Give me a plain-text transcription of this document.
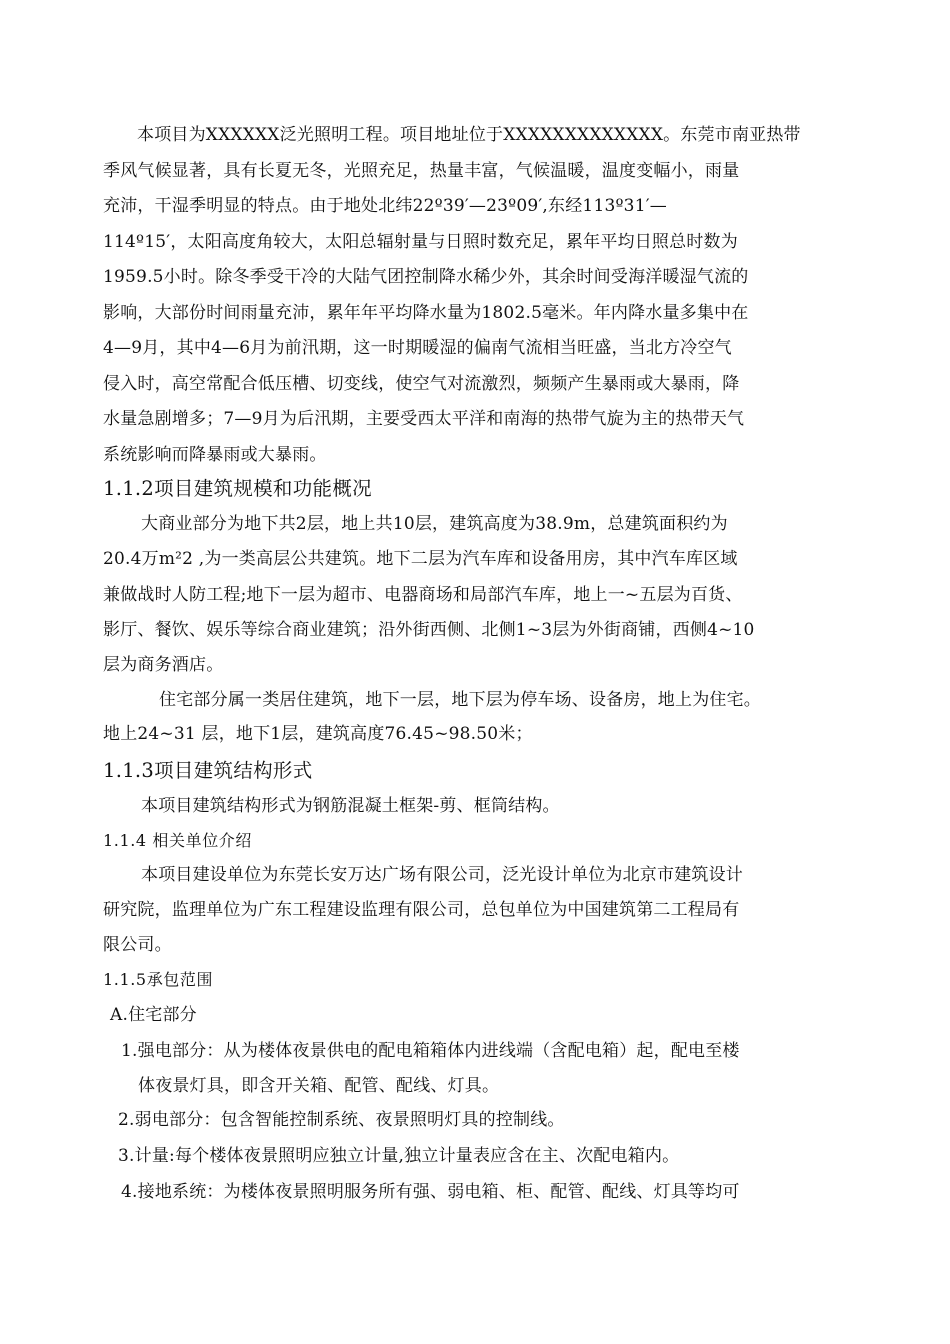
本项目为XXXXXX泛光照明工程。项目地址位于XXXXXXXXXXXXX。东莞市南亚热带
季风气候显著，具有长夏无冬，光照充足，热量丰富，气候温暖，温度变幅小，雨量
充沛，干湿季明显的特点。由于地处北纬22º39′—23º09′,东经113º31′—
114º15′，太阳高度角较大，太阳总辐射量与日照时数充足，累年平均日照总时数为
1959.5小时。除冬季受干冷的大陆气团控制降水稀少外，其余时间受海洋暖湿气流的
影响，大部份时间雨量充沛，累年年平均降水量为1802.5毫米。年内降水量多集中在
4—9月，其中4—6月为前汛期，这一时期暖湿的偏南气流相当旺盛，当北方冷空气
侵入时，高空常配合低压槽、切变线，使空气对流激烈，频频产生暴雨或大暴雨，降
水量急剧增多；7—9月为后汛期，主要受西太平洋和南海的热带气旋为主的热带天气
系统影响而降暴雨或大暴雨。
1.1.2项目建筑规模和功能概况
大商业部分为地下共2层，地上共10层，建筑高度为38.9m，总建筑面积约为
20.4万m²2 ,为一类高层公共建筑。地下二层为汽车库和设备用房，其中汽车库区域
兼做战时人防工程;地下一层为超市、电器商场和局部汽车库，地上一~五层为百货、
影厅、餐饮、娱乐等综合商业建筑；沿外街西侧、北侧1~3层为外街商铺，西侧4~10
层为商务酒店。
住宅部分属一类居住建筑，地下一层，地下层为停车场、设备房，地上为住宅。
地上24~31 层，地下1层，建筑高度76.45~98.50米；
1.1.3项目建筑结构形式
本项目建筑结构形式为钢筋混凝土框架-剪、框筒结构。
1.1.4 相关单位介绍
本项目建设单位为东莞长安万达广场有限公司，泛光设计单位为北京市建筑设计
研究院，监理单位为广东工程建设监理有限公司，总包单位为中国建筑第二工程局有
限公司。
1.1.5承包范围
A.住宅部分
1.强电部分：从为楼体夜景供电的配电箱箱体内进线端（含配电箱）起，配电至楼
体夜景灯具，即含开关箱、配管、配线、灯具。
2.弱电部分：包含智能控制系统、夜景照明灯具的控制线。
3.计量:每个楼体夜景照明应独立计量,独立计量表应含在主、次配电箱内。
4.接地系统：为楼体夜景照明服务所有强、弱电箱、柜、配管、配线、灯具等均可
